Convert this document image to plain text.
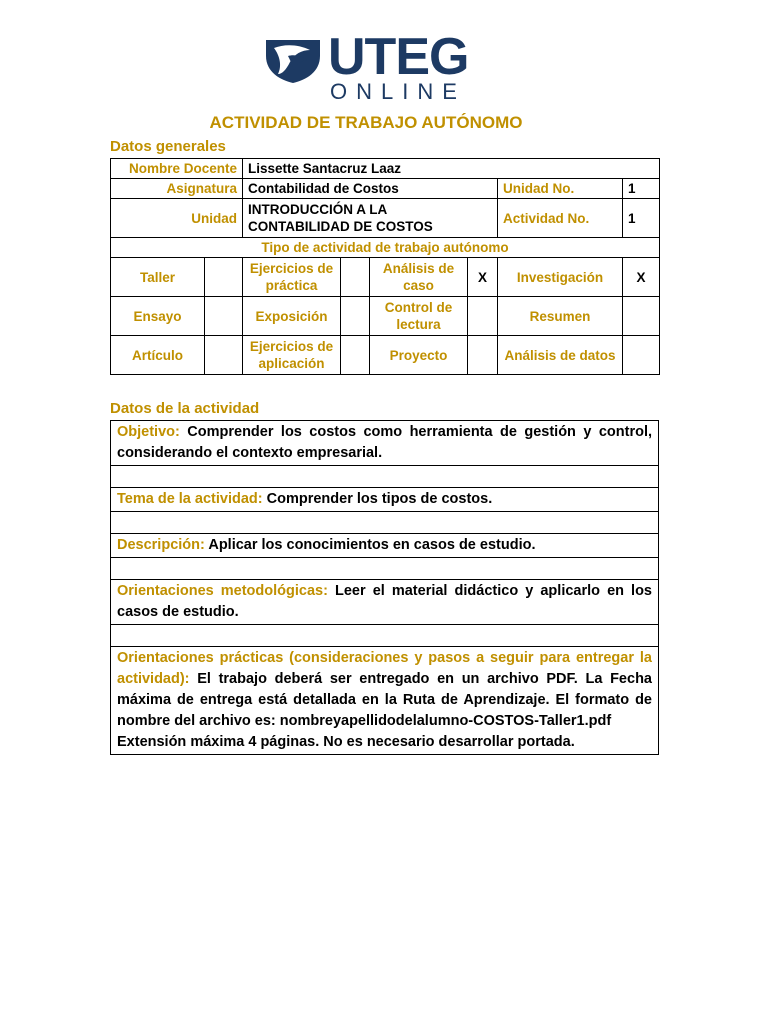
UTEG
ONLINE
ACTIVIDAD DE TRABAJO AUTÓNOMO
Datos generales
Nombre Docente		Lissette Santacruz Laaz					
Asignatura		Contabilidad de Costos				Unidad No.	1
Unidad		INTRODUCCIÓN A LA CONTABILIDAD DE COSTOS				Actividad No.	1
Tipo de actividad de trabajo autónomo							
Taller		Ejercicios de práctica		Análisis de caso	X	Investigación	X
Ensayo		Exposición		Control de lectura		Resumen	
Artículo		Ejercicios de aplicación		Proyecto		Análisis de datos	
Datos de la actividad
Objetivo: Comprender los costos como herramienta de gestión y control, considerando el contexto empresarial.

Tema de la actividad: Comprender los tipos de costos.

Descripción: Aplicar los conocimientos en casos de estudio.

Orientaciones metodológicas: Leer el material didáctico y aplicarlo en los casos de estudio.

Orientaciones prácticas (consideraciones y pasos a seguir para entregar la actividad): El trabajo deberá ser entregado en un archivo PDF. La Fecha máxima de entrega está detallada en la Ruta de Aprendizaje. El formato de nombre del archivo es: nombreyapellidodelalumno-COSTOS-Taller1.pdf
Extensión máxima 4 páginas. No es necesario desarrollar portada.
